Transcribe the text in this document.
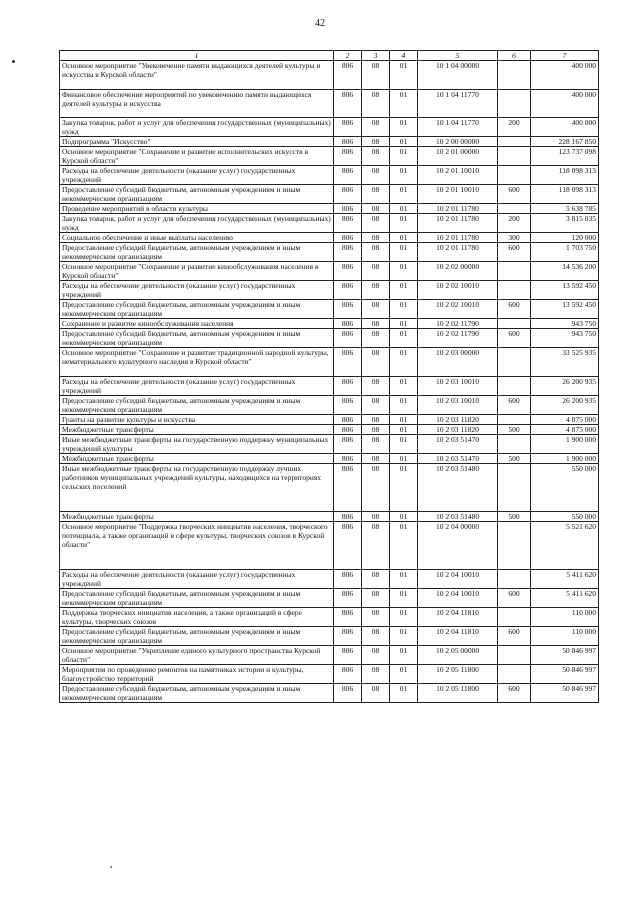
42
1	2	3	4	5	6	7
Основное мероприятие "Увековечение памяти выдающихся деятелей культуры и искусства в Курской области"	806	08	01	10 1 04 00000		400 000
Финансовое обеспечение мероприятий по увековечению памяти выдающихся деятелей культуры и искусства	806	08	01	10 1 04 11770		400 000
Закупка товаров, работ и услуг для обеспечения государственных (муниципальных) нужд	806	08	01	10 1 04 11770	200	400 000
Подпрограмма "Искусство"	806	08	01	10 2 00 00000		228 167 850
Основное мероприятие "Сохранение и развитие исполнительских искусств в Курской области"	806	08	01	10 2 01 00000		123 737 098
Расходы на обеспечение деятельности (оказание услуг) государственных учреждений	806	08	01	10 2 01 10010		118 098 313
Предоставление субсидий бюджетным, автономным учреждениям и иным некоммерческим организациям	806	08	01	10 2 01 10010	600	118 098 313
Проведение мероприятий в области культуры	806	08	01	10 2 01 11780		5 638 785
Закупка товаров, работ и услуг для обеспечения государственных (муниципальных) нужд	806	08	01	10 2 01 11780	200	3 815 035
Социальное обеспечение и иные выплаты населению	806	08	01	10 2 01 11780	300	120 000
Предоставление субсидий бюджетным, автономным учреждениям и иным некоммерческим организациям	806	08	01	10 2 01 11780	600	1 703 750
Основное мероприятие "Сохранение и развитие кинообслуживания населения в Курской области"	806	08	01	10 2 02 00000		14 536 200
Расходы на обеспечение деятельности (оказание услуг) государственных учреждений	806	08	01	10 2 02 10010		13 592 450
Предоставление субсидий бюджетным, автономным учреждениям и иным некоммерческим организациям	806	08	01	10 2 02 10010	600	13 592 450
Сохранение и развитие кинообслуживания населения	806	08	01	10 2 02 11790		943 750
Предоставление субсидий бюджетным, автономным учреждениям и иным некоммерческим организациям	806	08	01	10 2 02 11790	600	943 750
Основное мероприятие "Сохранение и развитие традиционной народной культуры, нематериального культурного наследия в Курской области"	806	08	01	10 2 03 00000		33 525 935
Расходы на обеспечение деятельности (оказание услуг) государственных учреждений	806	08	01	10 2 03 10010		26 200 935
Предоставление субсидий бюджетным, автономным учреждениям и иным некоммерческим организациям	806	08	01	10 2 03 10010	600	26 200 935
Гранты на развитие культуры и искусства	806	08	01	10 2 03 11820		4 875 000
Межбюджетные трансферты	806	08	01	10 2 03 11820	500	4 875 000
Иные межбюджетные трансферты на государственную поддержку муниципальных учреждений культуры	806	08	01	10 2 03 51470		1 900 000
Межбюджетные трансферты	806	08	01	10 2 03 51470	500	1 900 000
Иные межбюджетные трансферты на государственную поддержку лучших работников муниципальных учреждений культуры, находящихся на территориях сельских поселений	806	08	01	10 2 03 51480		550 000
Межбюджетные трансферты	806	08	01	10 2 03 51480	500	550 000
Основное мероприятие "Поддержка творческих инициатив населения, творческого потенциала, а также организаций в сфере культуры, творческих союзов в Курской области"	806	08	01	10 2 04 00000		5 521 620
Расходы на обеспечение деятельности (оказание услуг) государственных учреждений	806	08	01	10 2 04 10010		5 411 620
Предоставление субсидий бюджетным, автономным учреждениям и иным некоммерческим организациям	806	08	01	10 2 04 10010	600	5 411 620
Поддержка творческих инициатив населения, а также организаций в сфере культуры, творческих союзов	806	08	01	10 2 04 11810		110 000
Предоставление субсидий бюджетным, автономным учреждениям и иным некоммерческим организациям	806	08	01	10 2 04 11810	600	110 000
Основное мероприятие "Укрепление единого культурного пространства Курской области"	806	08	01	10 2 05 00000		50 846 997
Мероприятия по проведению ремонтов на памятниках истории и культуры, благоустройство территорий	806	08	01	10 2 05 11800		50 846 997
Предоставление субсидий бюджетным, автономным учреждениям и иным некоммерческим организациям	806	08	01	10 2 05 11800	600	50 846 997
